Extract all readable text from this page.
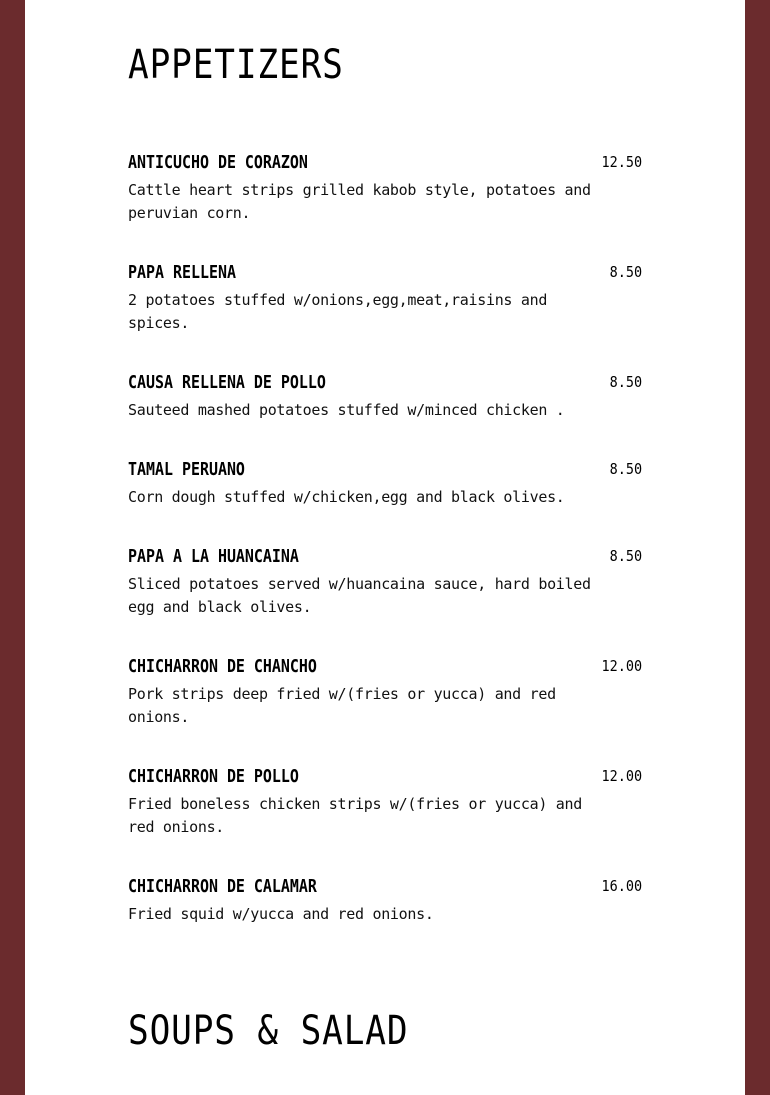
APPETIZERS
ANTICUCHO DE CORAZON	12.50
Cattle heart strips grilled kabob style, potatoes and peruvian corn.
PAPA RELLENA	8.50
2 potatoes stuffed w/onions,egg,meat,raisins and spices.
CAUSA RELLENA DE POLLO	8.50
Sauteed mashed potatoes stuffed w/minced chicken .
TAMAL PERUANO	8.50
Corn dough stuffed w/chicken,egg and black olives.
PAPA A LA HUANCAINA	8.50
Sliced potatoes served w/huancaina sauce, hard boiled egg and black olives.
CHICHARRON DE CHANCHO	12.00
Pork strips deep fried w/(fries or yucca) and red onions.
CHICHARRON DE POLLO	12.00
Fried boneless chicken strips w/(fries or yucca) and red onions.
CHICHARRON DE CALAMAR	16.00
Fried squid w/yucca and red onions.
SOUPS & SALAD
